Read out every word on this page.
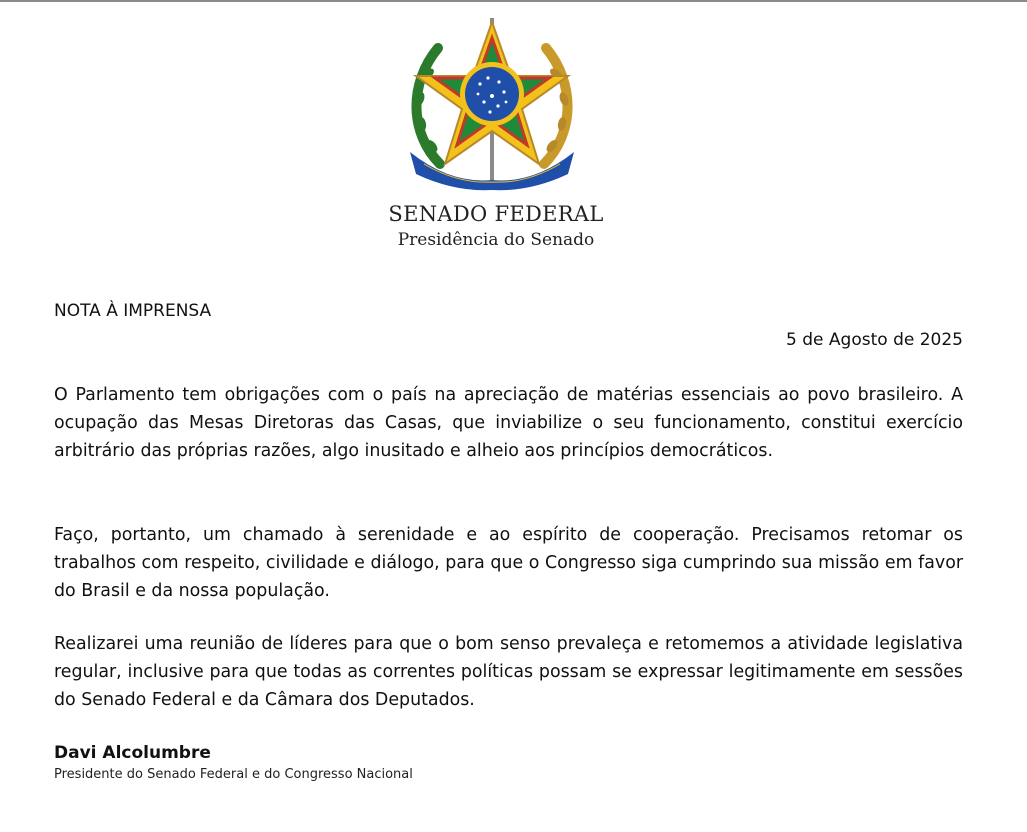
SENADO FEDERAL
Presidência do Senado
NOTA À IMPRENSA
5 de Agosto de 2025
O Parlamento tem obrigações com o país na apreciação de matérias essenciais ao povo brasileiro. A ocupação das Mesas Diretoras das Casas, que inviabilize o seu funcionamento, constitui exercício arbitrário das próprias razões, algo inusitado e alheio aos princípios democráticos.
Faço, portanto, um chamado à serenidade e ao espírito de cooperação. Precisamos retomar os trabalhos com respeito, civilidade e diálogo, para que o Congresso siga cumprindo sua missão em favor do Brasil e da nossa população.
Realizarei uma reunião de líderes para que o bom senso prevaleça e retomemos a atividade legislativa regular, inclusive para que todas as correntes políticas possam se expressar legitimamente em sessões do Senado Federal e da Câmara dos Deputados.
Davi Alcolumbre
Presidente do Senado Federal e do Congresso Nacional
